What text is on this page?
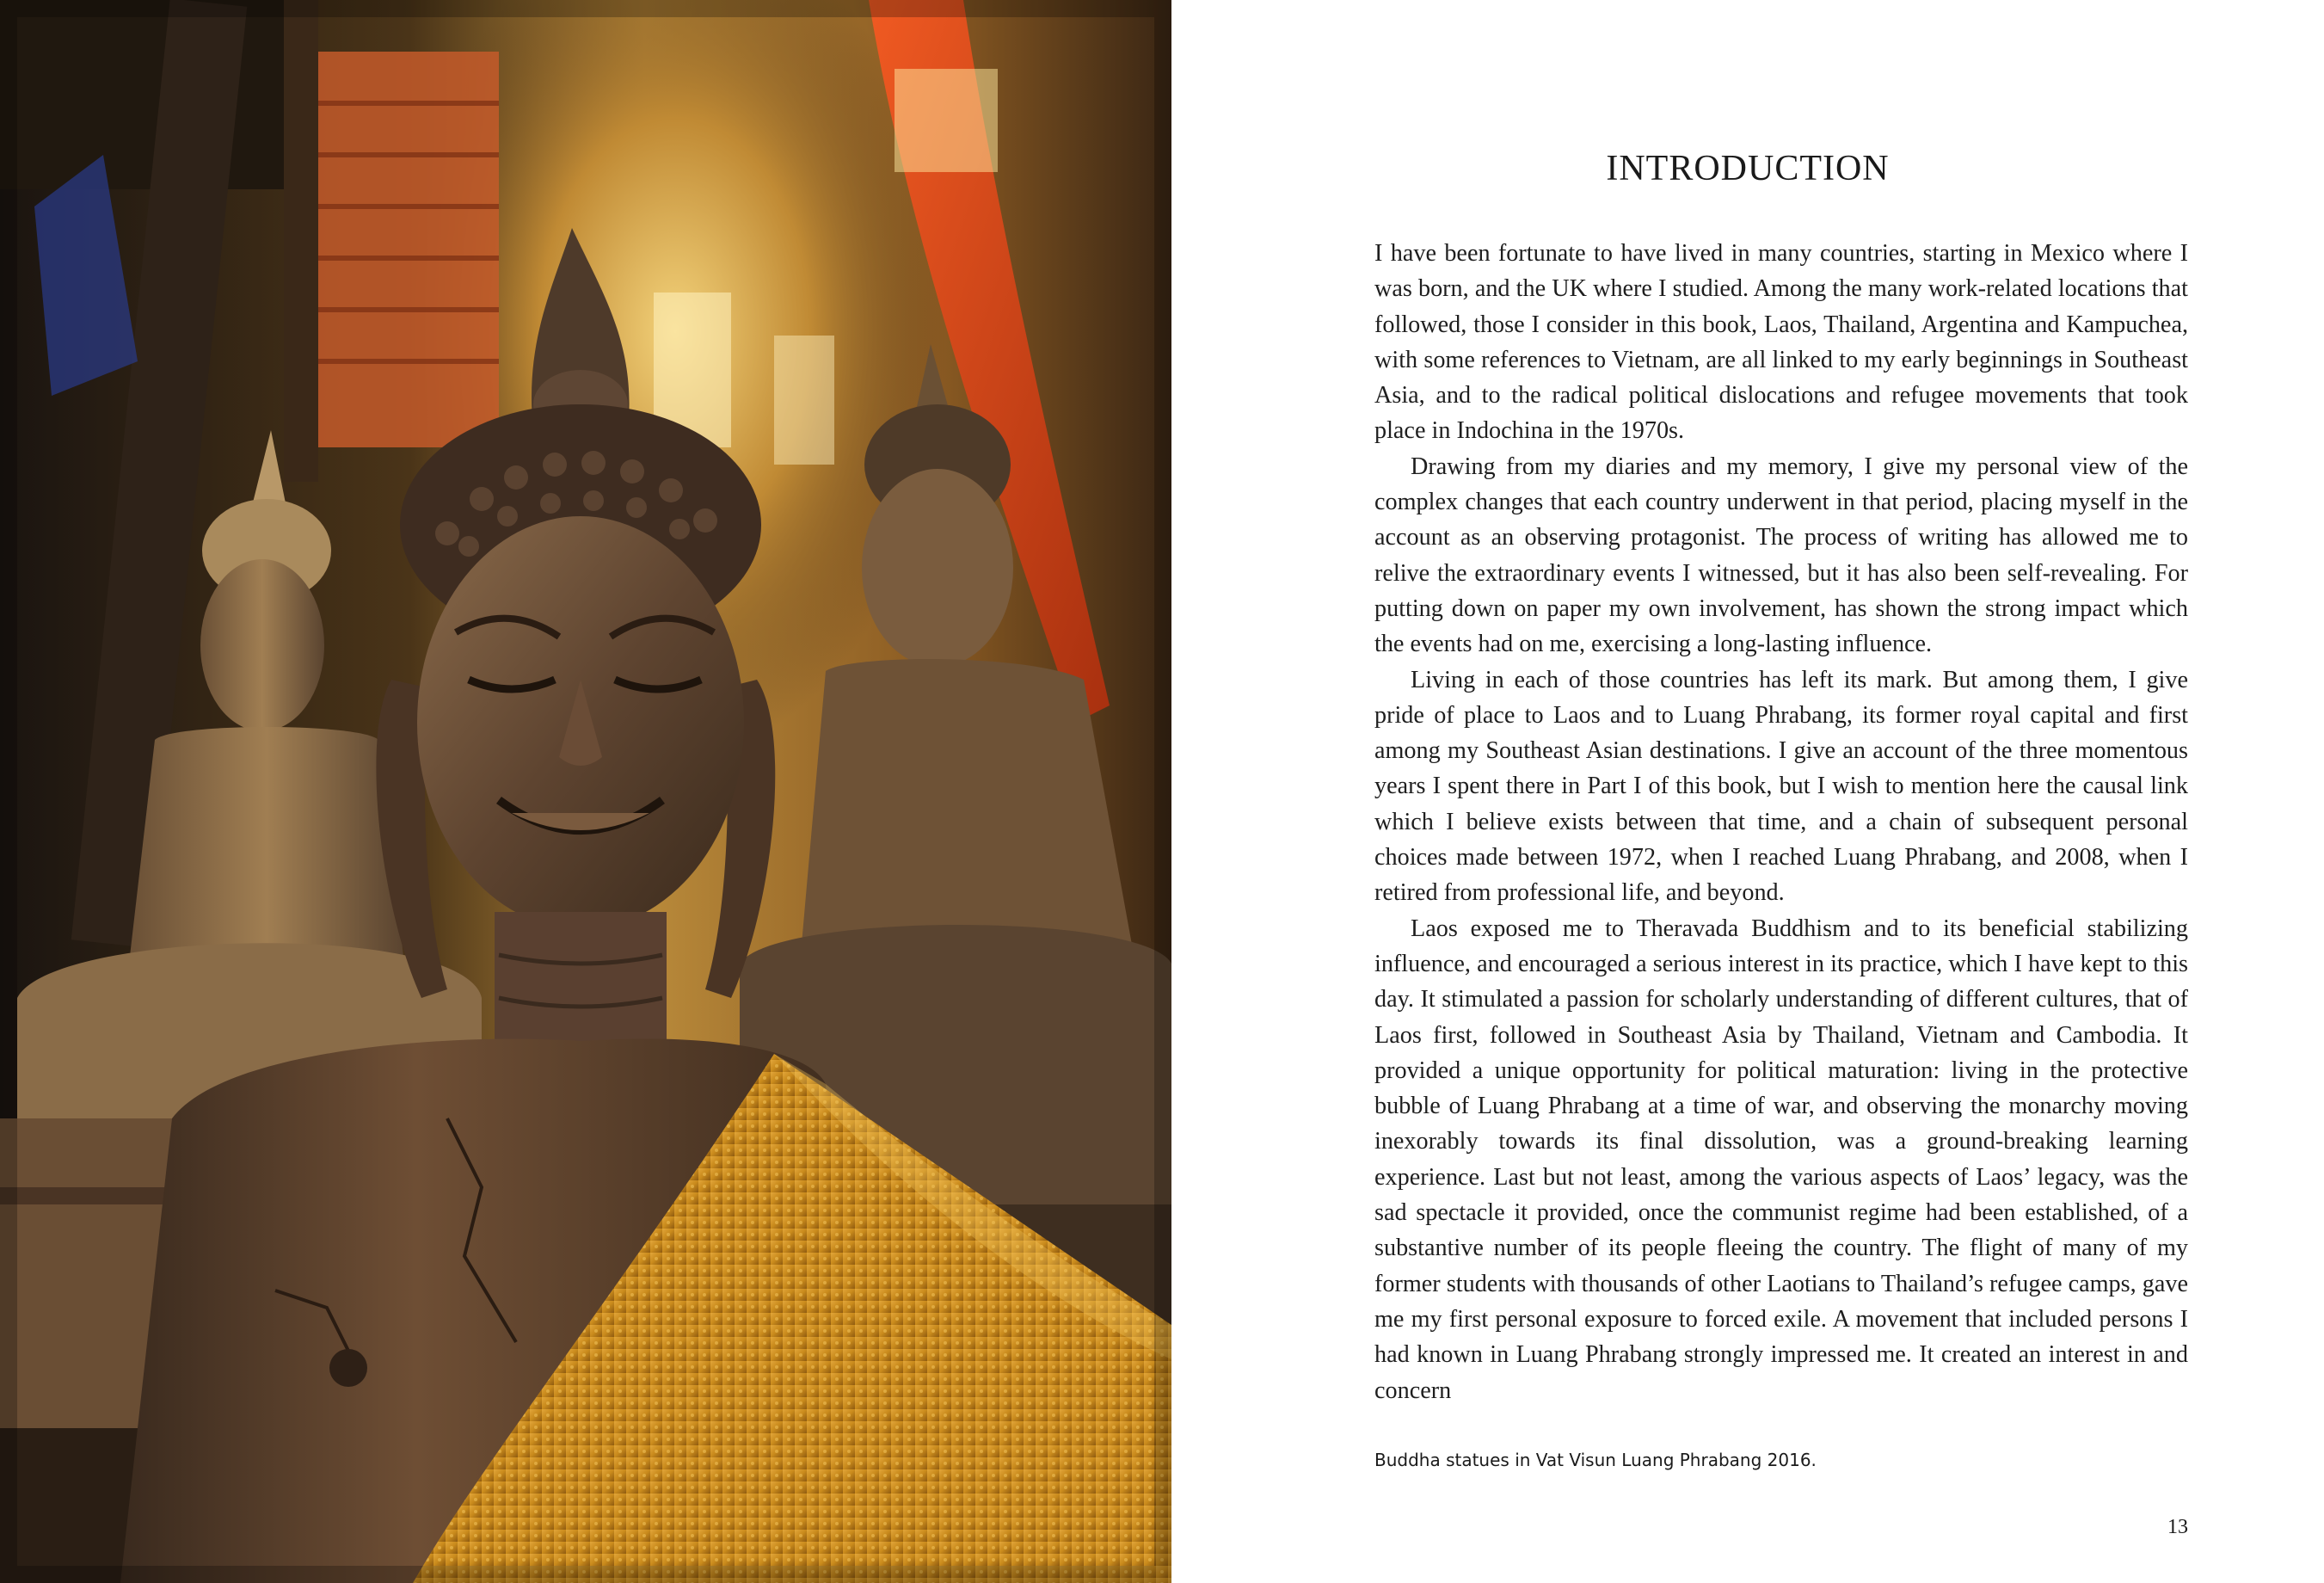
INTRODUCTION

I have been fortunate to have lived in many countries, starting in Mexico where I was born, and the UK where I studied. Among the many work-related locations that followed, those I consider in this book, Laos, Thailand, Argentina and Kampuchea, with some references to Vietnam, are all linked to my early beginnings in Southeast Asia, and to the radical political dislocations and refugee movements that took place in Indochina in the 1970s.

Drawing from my diaries and my memory, I give my personal view of the complex changes that each country underwent in that period, placing myself in the account as an observing protagonist. The process of writing has allowed me to relive the extraordinary events I witnessed, but it has also been self-revealing. For putting down on paper my own involvement, has shown the strong impact which the events had on me, exercising a long-lasting influence.

Living in each of those countries has left its mark. But among them, I give pride of place to Laos and to Luang Phrabang, its former royal capital and first among my Southeast Asian destinations. I give an account of the three momentous years I spent there in Part I of this book, but I wish to mention here the causal link which I believe exists between that time, and a chain of subsequent personal choices made between 1972, when I reached Luang Phrabang, and 2008, when I retired from professional life, and beyond.

Laos exposed me to Theravada Buddhism and to its beneficial stabilizing influence, and encouraged a serious interest in its practice, which I have kept to this day. It stimulated a passion for scholarly understanding of different cultures, that of Laos first, followed in Southeast Asia by Thailand, Vietnam and Cambodia. It provided a unique opportunity for political maturation: living in the protective bubble of Luang Phrabang at a time of war, and observing the monarchy moving inexorably towards its final dissolution, was a ground-breaking learning experience. Last but not least, among the various aspects of Laos’ legacy, was the sad spectacle it provided, once the communist regime had been established, of a substantive number of its people fleeing the country. The flight of many of my former students with thousands of other Laotians to Thailand’s refugee camps, gave me my first personal exposure to forced exile. A movement that included persons I had known in Luang Phrabang strongly impressed me. It created an interest in and concern

Buddha statues in Vat Visun Luang Phrabang 2016.
13
